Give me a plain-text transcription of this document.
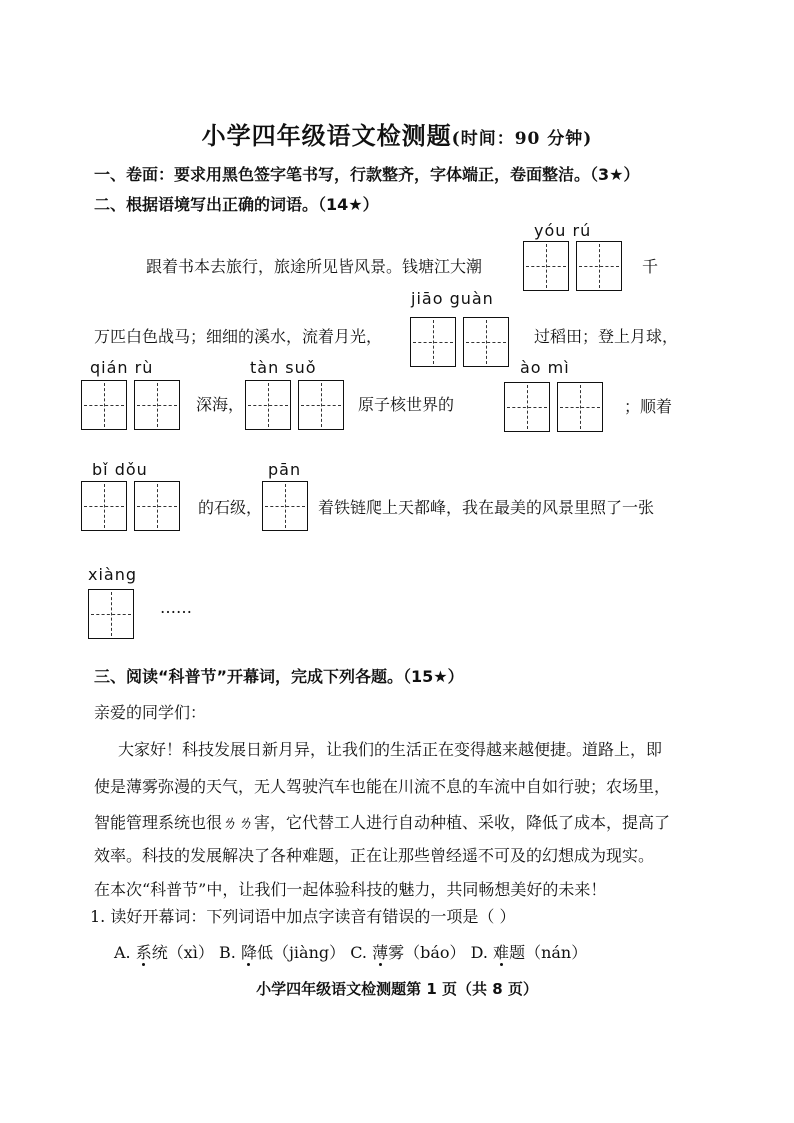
小学四年级语文检测题(时间：90 分钟)
一、卷面：要求用黑色签字笔书写，行款整齐，字体端正，卷面整洁。（3★）
二、根据语境写出正确的词语。（14★）
yóu rú
跟着书本去旅行，旅途所见皆风景。钱塘江大潮	千
jiāo guàn
万匹白色战马；细细的溪水，流着月光，	过稻田；登上月球，
qián rù
深海，
tàn suǒ
原子核世界的
ào mì
；顺着
bǐ dǒu
的石级，
pān
着铁链爬上天都峰，我在最美的风景里照了一张
xiàng
……
三、阅读“科普节”开幕词，完成下列各题。（15★）
亲爱的同学们：
大家好！科技发展日新月异，让我们的生活正在变得越来越便捷。道路上，即
使是薄雾弥漫的天气，无人驾驶汽车也能在川流不息的车流中自如行驶；农场里，
智能管理系统也很ㄌㄌ害，它代替工人进行自动种植、采收，降低了成本，提高了
效率。科技的发展解决了各种难题，正在让那些曾经遥不可及的幻想成为现实。
在本次“科普节”中，让我们一起体验科技的魅力，共同畅想美好的未来！
1. 读好开幕词：下列词语中加点字读音有错误的一项是（ ）
A. 系统（xì） B. 降低（jiàng） C. 薄雾（báo） D. 难题（nán）
小学四年级语文检测题第 1 页（共 8 页）
